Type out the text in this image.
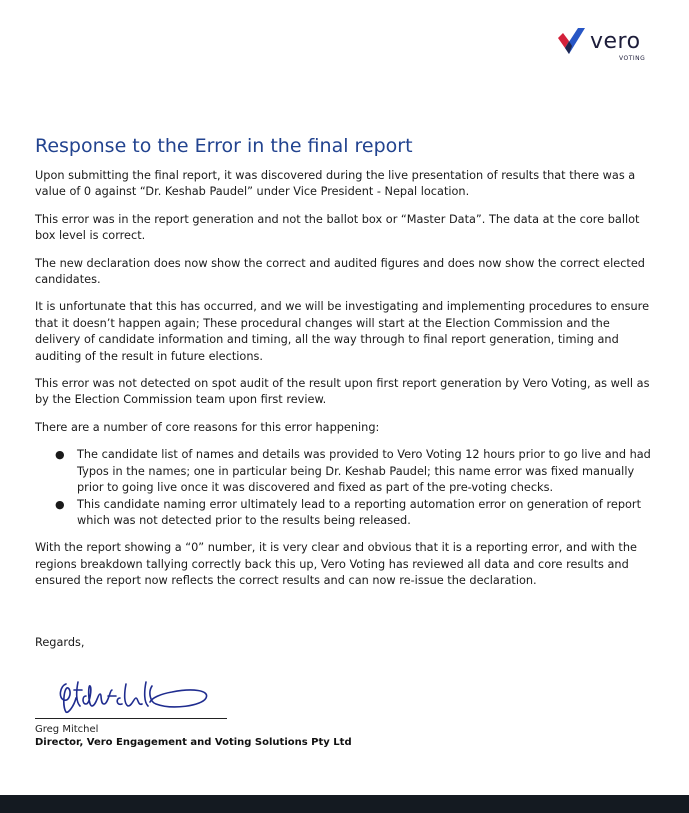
vero
VOTING
Response to the Error in the final report

Upon submitting the final report, it was discovered during the live presentation of results that there was a value of 0 against “Dr. Keshab Paudel” under Vice President - Nepal location.

This error was in the report generation and not the ballot box or “Master Data”. The data at the core ballot box level is correct.

The new declaration does now show the correct and audited figures and does now show the correct elected candidates.

It is unfortunate that this has occurred, and we will be investigating and implementing procedures to ensure that it doesn’t happen again; These procedural changes will start at the Election Commission and the delivery of candidate information and timing, all the way through to final report generation, timing and auditing of the result in future elections.

This error was not detected on spot audit of the result upon first report generation by Vero Voting, as well as by the Election Commission team upon first review.

There are a number of core reasons for this error happening:

● The candidate list of names and details was provided to Vero Voting 12 hours prior to go live and had Typos in the names; one in particular being Dr. Keshab Paudel; this name error was fixed manually prior to going live once it was discovered and fixed as part of the pre-voting checks.
● This candidate naming error ultimately lead to a reporting automation error on generation of report which was not detected prior to the results being released.

With the report showing a “0” number, it is very clear and obvious that it is a reporting error, and with the regions breakdown tallying correctly back this up, Vero Voting has reviewed all data and core results and ensured the report now reflects the correct results and can now re-issue the declaration.

Regards,
Greg Mitchel
Director, Vero Engagement and Voting Solutions Pty Ltd
